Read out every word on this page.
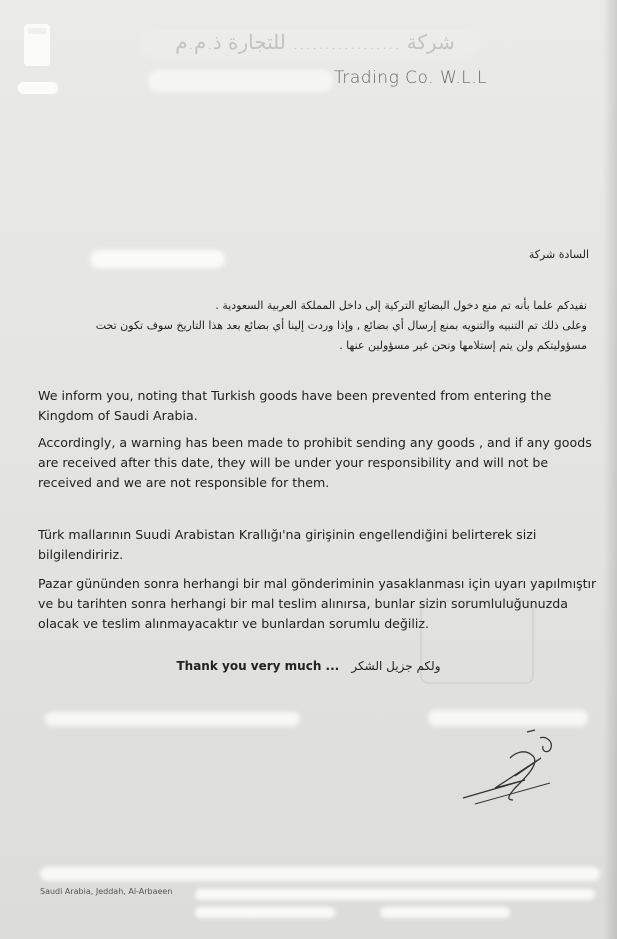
شركة ................. للتجارة ذ.م.م
Trading Co. W.L.L
السادة شركة

نفيدكم علما بأنه تم منع دخول البضائع التركية إلى داخل المملكة العربية السعودية .

وعلى ذلك تم التنبيه والتنويه بمنع إرسال أي بضائع , وإذا وردت إلينا أي بضائع بعد هذا التاريخ سوف تكون تحت مسؤوليتكم ولن يتم إستلامها ونحن غير مسؤولين عنها .

We inform you, noting that Turkish goods have been prevented from entering the Kingdom of Saudi Arabia.

Accordingly, a warning has been made to prohibit sending any goods , and if any goods are received after this date, they will be under your responsibility and will not be received and we are not responsible for them.

Türk mallarının Suudi Arabistan Krallığı'na girişinin engellendiğini belirterek sizi bilgilendiririz.

Pazar gününden sonra herhangi bir mal gönderiminin yasaklanması için uyarı yapılmıştır ve bu tarihten sonra herhangi bir mal teslim alınırsa, bunlar sizin sorumluluğunuzda olacak ve teslim alınmayacaktır ve bunlardan sorumlu değiliz.

Thank you very much ... ولكم جزيل الشكر
Saudi Arabia, Jeddah, Al-Arbaeen
